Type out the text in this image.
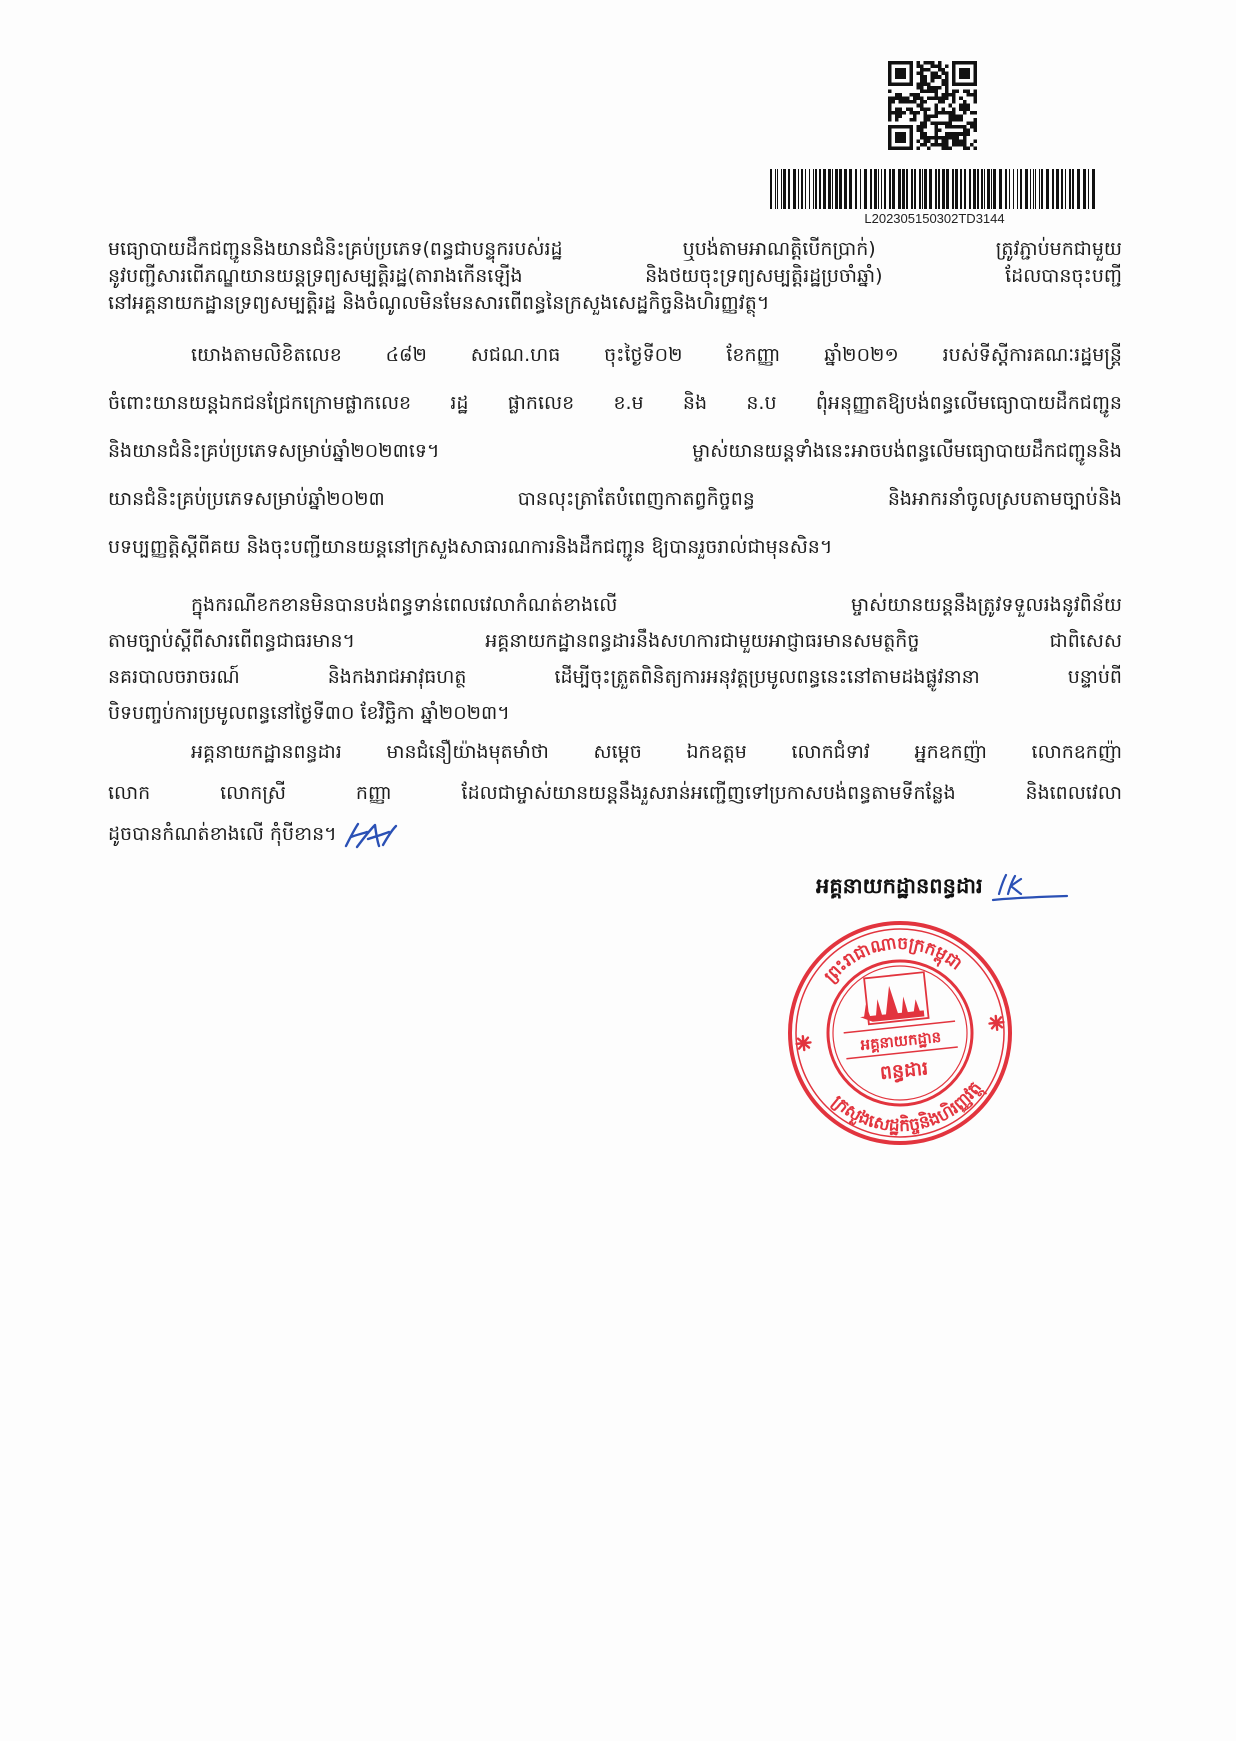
L202305150302TD3144
មធ្យោបាយដឹកជញ្ជូននិងយានជំនិះគ្រប់ប្រភេទ(ពន្ធជាបន្ទុករបស់រដ្ឋ ឬបង់តាមអាណត្តិបើកប្រាក់) ត្រូវភ្ជាប់មកជាមួយ
នូវបញ្ជីសារពើភណ្ឌយានយន្តទ្រព្យសម្បត្តិរដ្ឋ(តារាងកើនឡើង និងថយចុះទ្រព្យសម្បត្តិរដ្ឋប្រចាំឆ្នាំ) ដែលបានចុះបញ្ជី
នៅអគ្គនាយកដ្ឋានទ្រព្យសម្បត្តិរដ្ឋ និងចំណូលមិនមែនសារពើពន្ធនៃក្រសួងសេដ្ឋកិច្ចនិងហិរញ្ញវត្ថុ។
យោងតាមលិខិតលេខ ៤៨២ សជណ.ហធ ចុះថ្ងៃទី០២ ខែកញ្ញា ឆ្នាំ២០២១ របស់ទីស្តីការគណៈរដ្ឋមន្ត្រី
ចំពោះយានយន្តឯកជនជ្រែកក្រោមផ្លាកលេខ រដ្ឋ ផ្លាកលេខ ខ.ម និង ន.ប ពុំអនុញ្ញាតឱ្យបង់ពន្ធលើមធ្យោបាយដឹកជញ្ជូន
និងយានជំនិះគ្រប់ប្រភេទសម្រាប់ឆ្នាំ២០២៣ទេ។ ម្ចាស់យានយន្តទាំងនេះអាចបង់ពន្ធលើមធ្យោបាយដឹកជញ្ជូននិង
យានជំនិះគ្រប់ប្រភេទសម្រាប់ឆ្នាំ២០២៣ បានលុះត្រាតែបំពេញកាតព្វកិច្ចពន្ធ និងអាករនាំចូលស្របតាមច្បាប់និង
បទប្បញ្ញត្តិស្តីពីគយ និងចុះបញ្ជីយានយន្តនៅក្រសួងសាធារណការនិងដឹកជញ្ជូន ឱ្យបានរួចរាល់ជាមុនសិន។
ក្នុងករណីខកខានមិនបានបង់ពន្ធទាន់ពេលវេលាកំណត់ខាងលើ ម្ចាស់យានយន្តនឹងត្រូវទទួលរងនូវពិន័យ
តាមច្បាប់ស្តីពីសារពើពន្ធជាធរមាន។ អគ្គនាយកដ្ឋានពន្ធដារនឹងសហការជាមួយអាជ្ញាធរមានសមត្ថកិច្ច ជាពិសេស
នគរបាលចរាចរណ៍ និងកងរាជអាវុធហត្ថ ដើម្បីចុះត្រួតពិនិត្យការអនុវត្តប្រមូលពន្ធនេះនៅតាមដងផ្លូវនានា បន្ទាប់ពី
បិទបញ្ចប់ការប្រមូលពន្ធនៅថ្ងៃទី៣០ ខែវិច្ឆិកា ឆ្នាំ២០២៣។
អគ្គនាយកដ្ឋានពន្ធដារ មានជំនឿយ៉ាងមុតមាំថា សម្តេច ឯកឧត្តម លោកជំទាវ អ្នកឧកញ៉ា លោកឧកញ៉ា
លោក លោកស្រី កញ្ញា ដែលជាម្ចាស់យានយន្តនឹងរួសរាន់អញ្ជើញទៅប្រកាសបង់ពន្ធតាមទីកន្លែង និងពេលវេលា
ដូចបានកំណត់ខាងលើ កុំបីខាន។
អគ្គនាយកដ្ឋានពន្ធដារ
ព្រះរាជាណាចក្រកម្ពុជា
ក្រសួងសេដ្ឋកិច្ចនិងហិរញ្ញវត្ថុ
អគ្គនាយកដ្ឋាន
ពន្ធដារ
